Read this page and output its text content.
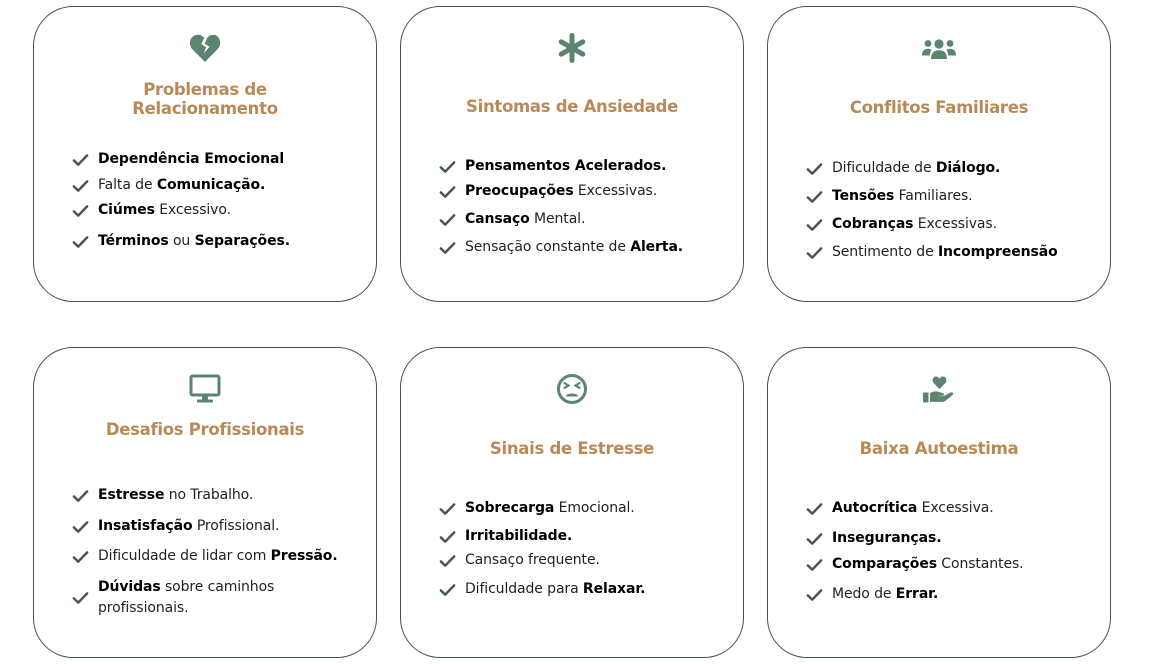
Problemas de
Relacionamento
Dependência Emocional
Falta de Comunicação.
Ciúmes Excessivo.
Términos ou Separações.
Sintomas de Ansiedade
Pensamentos Acelerados.
Preocupações Excessivas.
Cansaço Mental.
Sensação constante de Alerta.
Conflitos Familiares
Dificuldade de Diálogo.
Tensões Familiares.
Cobranças Excessivas.
Sentimento de Incompreensão
Desafios Profissionais
Estresse no Trabalho.
Insatisfação Profissional.
Dificuldade de lidar com Pressão.
Dúvidas sobre caminhos profissionais.
Sinais de Estresse
Sobrecarga Emocional.
Irritabilidade.
Cansaço frequente.
Dificuldade para Relaxar.
Baixa Autoestima
Autocrítica Excessiva.
Inseguranças.
Comparações Constantes.
Medo de Errar.
